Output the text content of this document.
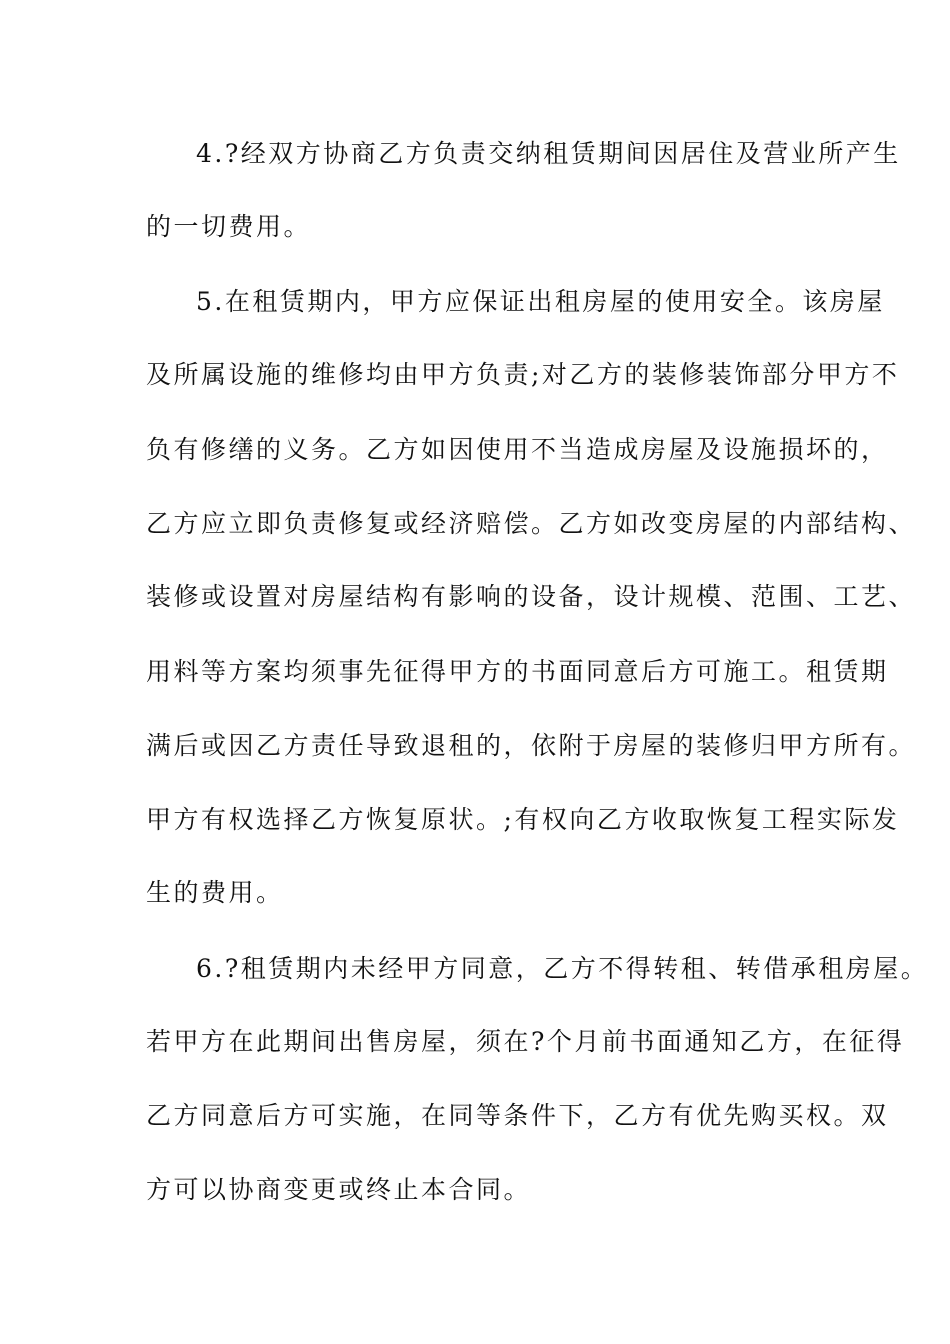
4.?经双方协商乙方负责交纳租赁期间因居住及营业所产生
的一切费用。
5.在租赁期内，甲方应保证出租房屋的使用安全。该房屋
及所属设施的维修均由甲方负责;对乙方的装修装饰部分甲方不
负有修缮的义务。乙方如因使用不当造成房屋及设施损坏的，
乙方应立即负责修复或经济赔偿。乙方如改变房屋的内部结构、
装修或设置对房屋结构有影响的设备，设计规模、范围、工艺、
用料等方案均须事先征得甲方的书面同意后方可施工。租赁期
满后或因乙方责任导致退租的，依附于房屋的装修归甲方所有。
甲方有权选择乙方恢复原状。;有权向乙方收取恢复工程实际发
生的费用。
6.?租赁期内未经甲方同意，乙方不得转租、转借承租房屋。
若甲方在此期间出售房屋，须在?个月前书面通知乙方，在征得
乙方同意后方可实施，在同等条件下，乙方有优先购买权。双
方可以协商变更或终止本合同。
